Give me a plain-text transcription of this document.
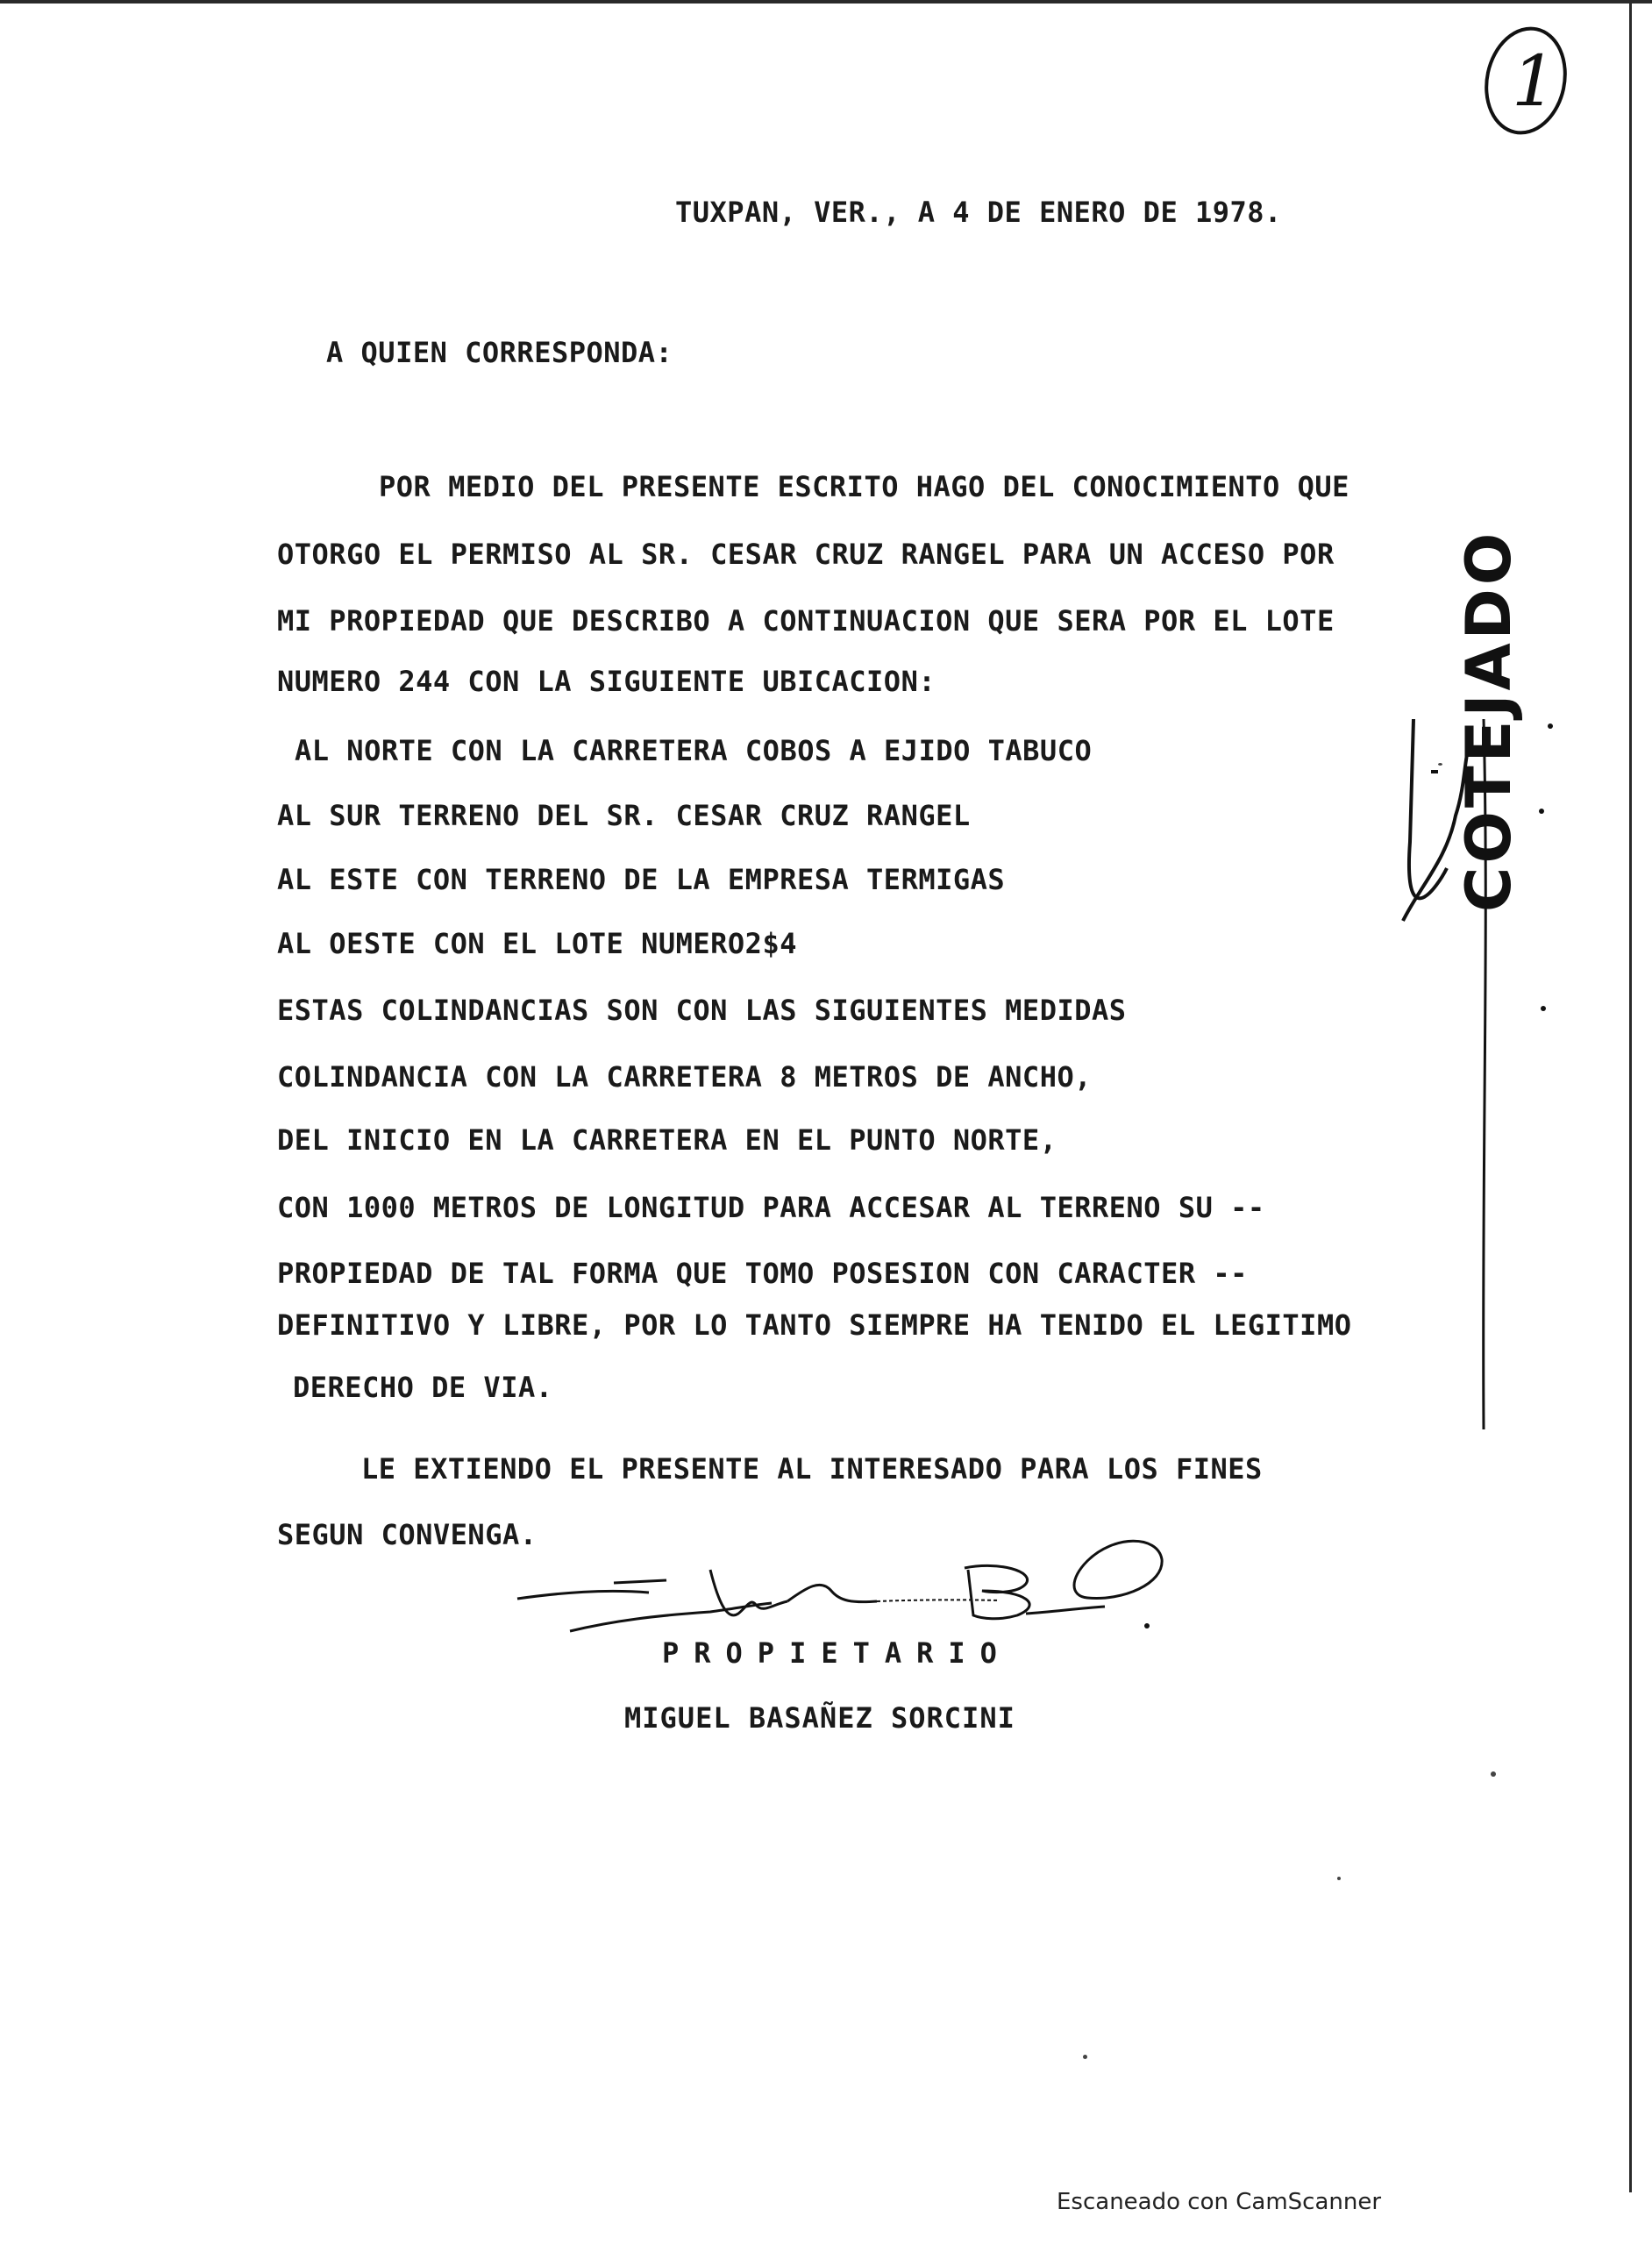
1
COTEJADO
TUXPAN, VER., A 4 DE ENERO DE 1978.
A QUIEN CORRESPONDA:
POR MEDIO DEL PRESENTE ESCRITO HAGO DEL CONOCIMIENTO QUE
OTORGO EL PERMISO AL SR. CESAR CRUZ RANGEL PARA UN ACCESO POR
MI PROPIEDAD QUE DESCRIBO A CONTINUACION QUE SERA POR EL LOTE
NUMERO 244 CON LA SIGUIENTE UBICACION:
AL NORTE CON LA CARRETERA COBOS A EJIDO TABUCO
AL SUR TERRENO DEL SR. CESAR CRUZ RANGEL
AL ESTE CON TERRENO DE LA EMPRESA TERMIGAS
AL OESTE CON EL LOTE NUMERO2$4
ESTAS COLINDANCIAS SON CON LAS SIGUIENTES MEDIDAS
COLINDANCIA CON LA CARRETERA 8 METROS DE ANCHO,
DEL INICIO EN LA CARRETERA EN EL PUNTO NORTE,
CON 1000 METROS DE LONGITUD PARA ACCESAR AL TERRENO SU --
PROPIEDAD DE TAL FORMA QUE TOMO POSESION CON CARACTER --
DEFINITIVO Y LIBRE, POR LO TANTO SIEMPRE HA TENIDO EL LEGITIMO
DERECHO DE VIA.
LE EXTIENDO EL PRESENTE AL INTERESADO PARA LOS FINES
SEGUN CONVENGA.
PROPIETARIO
MIGUEL BASAÑEZ SORCINI
Escaneado con CamScanner
